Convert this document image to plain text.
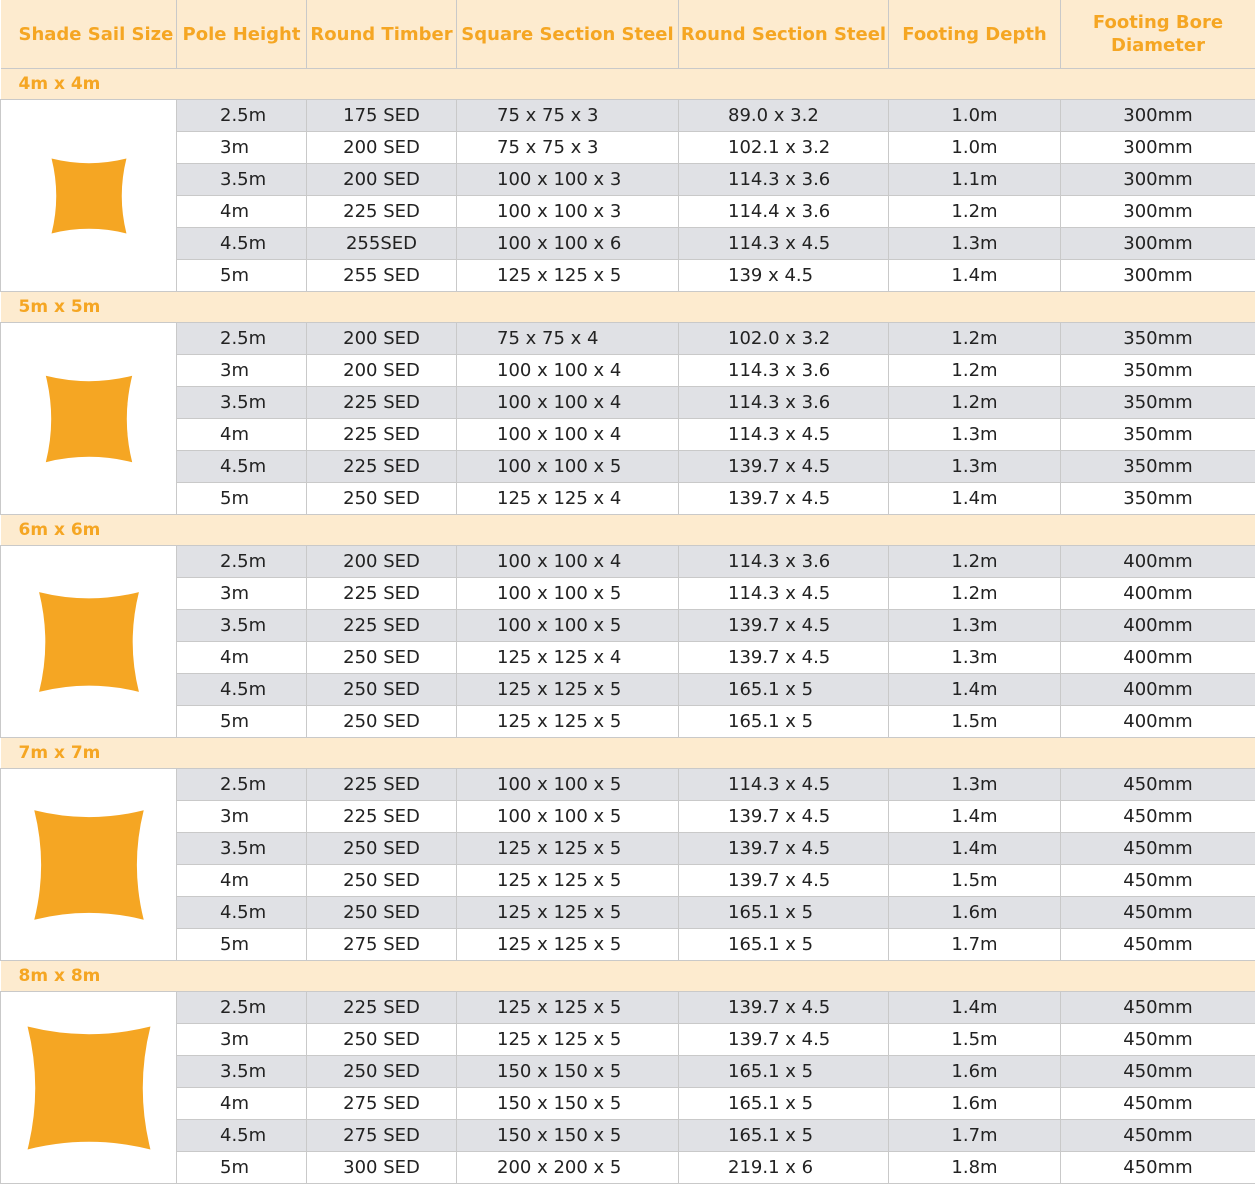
Shade Sail Size	Pole Height	Round Timber	Square Section Steel	Round Section Steel	Footing Depth	Footing Bore Diameter
4m x 4m						

	2.5m	175 SED	75 x 75 x 3	89.0 x 3.2	1.0m	300mm
	3m	200 SED	75 x 75 x 3	102.1 x 3.2	1.0m	300mm
	3.5m	200 SED	100 x 100 x 3	114.3 x 3.6	1.1m	300mm
	4m	225 SED	100 x 100 x 3	114.4 x 3.6	1.2m	300mm
	4.5m	255SED	100 x 100 x 6	114.3 x 4.5	1.3m	300mm
	5m	255 SED	125 x 125 x 5	139 x 4.5	1.4m	300mm
5m x 5m						

	2.5m	200 SED	75 x 75 x 4	102.0 x 3.2	1.2m	350mm
	3m	200 SED	100 x 100 x 4	114.3 x 3.6	1.2m	350mm
	3.5m	225 SED	100 x 100 x 4	114.3 x 3.6	1.2m	350mm
	4m	225 SED	100 x 100 x 4	114.3 x 4.5	1.3m	350mm
	4.5m	225 SED	100 x 100 x 5	139.7 x 4.5	1.3m	350mm
	5m	250 SED	125 x 125 x 4	139.7 x 4.5	1.4m	350mm
6m x 6m						

	2.5m	200 SED	100 x 100 x 4	114.3 x 3.6	1.2m	400mm
	3m	225 SED	100 x 100 x 5	114.3 x 4.5	1.2m	400mm
	3.5m	225 SED	100 x 100 x 5	139.7 x 4.5	1.3m	400mm
	4m	250 SED	125 x 125 x 4	139.7 x 4.5	1.3m	400mm
	4.5m	250 SED	125 x 125 x 5	165.1 x 5	1.4m	400mm
	5m	250 SED	125 x 125 x 5	165.1 x 5	1.5m	400mm
7m x 7m						

	2.5m	225 SED	100 x 100 x 5	114.3 x 4.5	1.3m	450mm
	3m	225 SED	100 x 100 x 5	139.7 x 4.5	1.4m	450mm
	3.5m	250 SED	125 x 125 x 5	139.7 x 4.5	1.4m	450mm
	4m	250 SED	125 x 125 x 5	139.7 x 4.5	1.5m	450mm
	4.5m	250 SED	125 x 125 x 5	165.1 x 5	1.6m	450mm
	5m	275 SED	125 x 125 x 5	165.1 x 5	1.7m	450mm
8m x 8m						

	2.5m	225 SED	125 x 125 x 5	139.7 x 4.5	1.4m	450mm
	3m	250 SED	125 x 125 x 5	139.7 x 4.5	1.5m	450mm
	3.5m	250 SED	150 x 150 x 5	165.1 x 5	1.6m	450mm
	4m	275 SED	150 x 150 x 5	165.1 x 5	1.6m	450mm
	4.5m	275 SED	150 x 150 x 5	165.1 x 5	1.7m	450mm
	5m	300 SED	200 x 200 x 5	219.1 x 6	1.8m	450mm
